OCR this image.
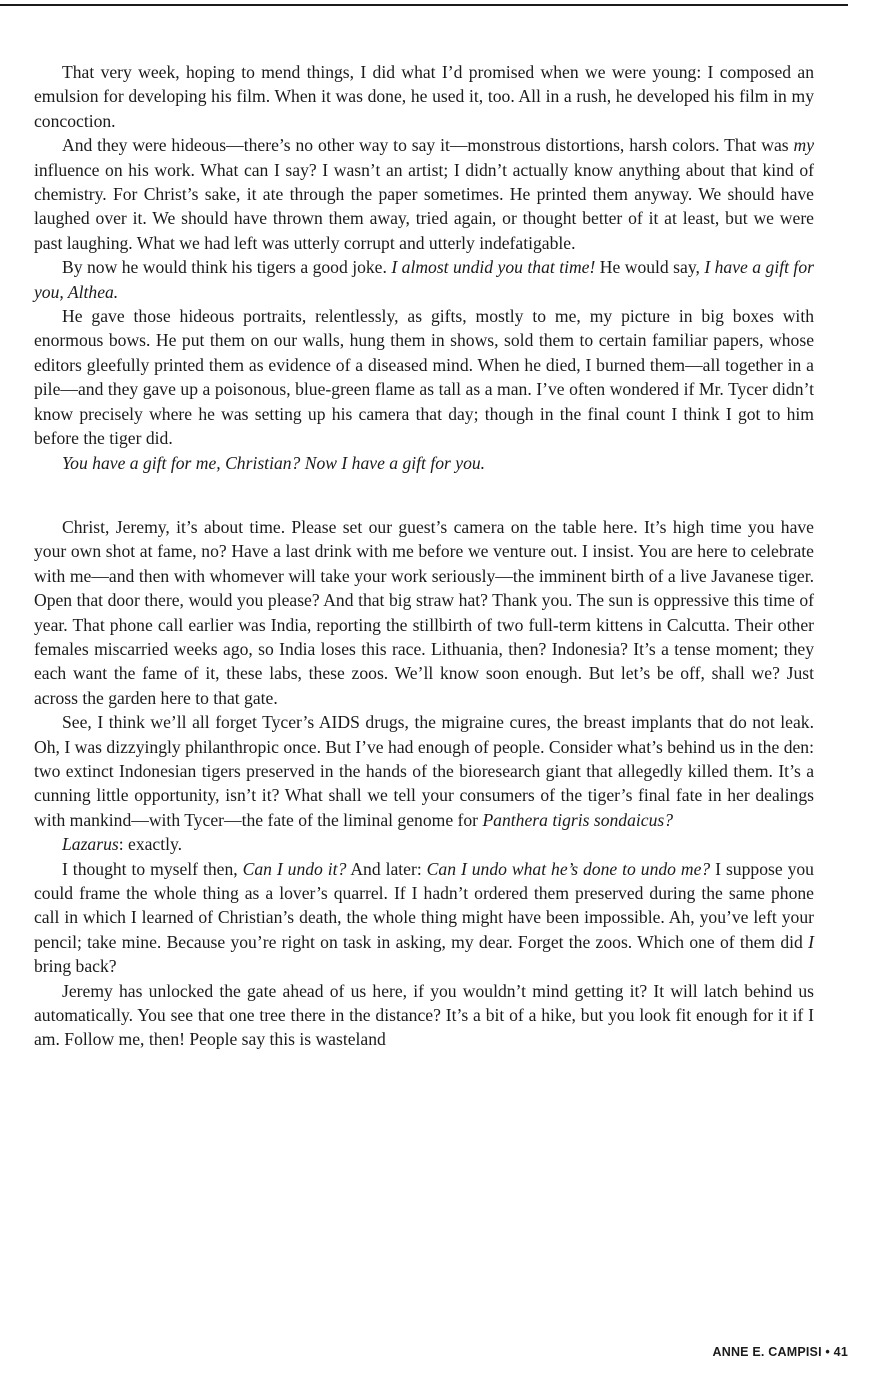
That very week, hoping to mend things, I did what I’d promised when we were young: I composed an emulsion for developing his film. When it was done, he used it, too. All in a rush, he developed his film in my concoction.

And they were hideous—there’s no other way to say it—monstrous distortions, harsh colors. That was my influence on his work. What can I say? I wasn’t an artist; I didn’t actually know anything about that kind of chemistry. For Christ’s sake, it ate through the paper sometimes. He printed them anyway. We should have laughed over it. We should have thrown them away, tried again, or thought better of it at least, but we were past laughing. What we had left was utterly corrupt and utterly indefatigable.

By now he would think his tigers a good joke. I almost undid you that time! He would say, I have a gift for you, Althea.

He gave those hideous portraits, relentlessly, as gifts, mostly to me, my picture in big boxes with enormous bows. He put them on our walls, hung them in shows, sold them to certain familiar papers, whose editors gleefully printed them as evidence of a diseased mind. When he died, I burned them—all together in a pile—and they gave up a poisonous, blue-green flame as tall as a man. I’ve often wondered if Mr. Tycer didn’t know precisely where he was setting up his camera that day; though in the final count I think I got to him before the tiger did.

You have a gift for me, Christian? Now I have a gift for you.

Christ, Jeremy, it’s about time. Please set our guest’s camera on the table here. It’s high time you have your own shot at fame, no? Have a last drink with me before we venture out. I insist. You are here to celebrate with me—and then with whomever will take your work seriously—the imminent birth of a live Javanese tiger. Open that door there, would you please? And that big straw hat? Thank you. The sun is oppressive this time of year. That phone call earlier was India, reporting the stillbirth of two full-term kittens in Calcutta. Their other females miscarried weeks ago, so India loses this race. Lithuania, then? Indonesia? It’s a tense moment; they each want the fame of it, these labs, these zoos. We’ll know soon enough. But let’s be off, shall we? Just across the garden here to that gate.

See, I think we’ll all forget Tycer’s AIDS drugs, the migraine cures, the breast implants that do not leak. Oh, I was dizzyingly philanthropic once. But I’ve had enough of people. Consider what’s behind us in the den: two extinct Indonesian tigers preserved in the hands of the bioresearch giant that allegedly killed them. It’s a cunning little opportunity, isn’t it? What shall we tell your consumers of the tiger’s final fate in her dealings with mankind—with Tycer—the fate of the liminal genome for Panthera tigris sondaicus?

Lazarus: exactly.

I thought to myself then, Can I undo it? And later: Can I undo what he’s done to undo me? I suppose you could frame the whole thing as a lover’s quarrel. If I hadn’t ordered them preserved during the same phone call in which I learned of Christian’s death, the whole thing might have been impossible. Ah, you’ve left your pencil; take mine. Because you’re right on task in asking, my dear. Forget the zoos. Which one of them did I bring back?

Jeremy has unlocked the gate ahead of us here, if you wouldn’t mind getting it? It will latch behind us automatically. You see that one tree there in the distance? It’s a bit of a hike, but you look fit enough for it if I am. Follow me, then! People say this is wasteland

ANNE E. CAMPISI • 41
